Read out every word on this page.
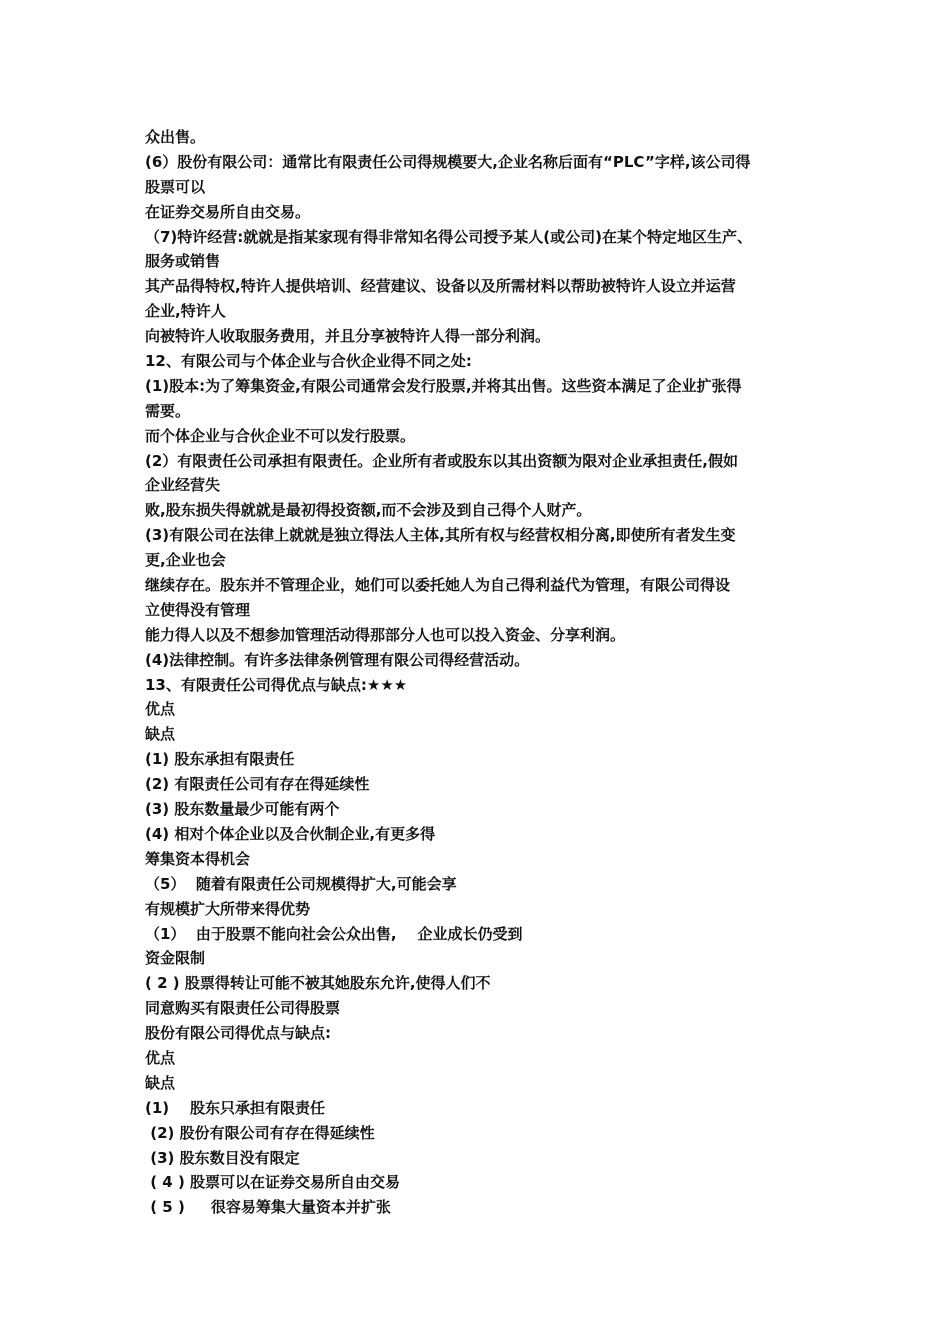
众出售。
(6）股份有限公司：通常比有限责任公司得规模要大,企业名称后面有“PLC”字样,该公司得
股票可以
在证券交易所自由交易。
（7)特许经营:就就是指某家现有得非常知名得公司授予某人(或公司)在某个特定地区生产、
服务或销售
其产品得特权,特许人提供培训、经营建议、设备以及所需材料以帮助被特许人设立并运营
企业,特许人
向被特许人收取服务费用，并且分享被特许人得一部分利润。
12、有限公司与个体企业与合伙企业得不同之处:
(1)股本:为了筹集资金,有限公司通常会发行股票,并将其出售。这些资本满足了企业扩张得
需要。
而个体企业与合伙企业不可以发行股票。
(2）有限责任公司承担有限责任。企业所有者或股东以其出资额为限对企业承担责任,假如
企业经营失
败,股东损失得就就是最初得投资额,而不会涉及到自己得个人财产。
(3)有限公司在法律上就就是独立得法人主体,其所有权与经营权相分离,即使所有者发生变
更,企业也会
继续存在。股东并不管理企业，她们可以委托她人为自己得利益代为管理，有限公司得设
立使得没有管理
能力得人以及不想参加管理活动得那部分人也可以投入资金、分享利润。
(4)法律控制。有许多法律条例管理有限公司得经营活动。
13、有限责任公司得优点与缺点:★★★
优点
缺点
(1) 股东承担有限责任
(2) 有限责任公司有存在得延续性
(3) 股东数量最少可能有两个
(4) 相对个体企业以及合伙制企业,有更多得
筹集资本得机会
（5）  随着有限责任公司规模得扩大,可能会享
有规模扩大所带来得优势
（1）  由于股票不能向社会公众出售,    企业成长仍受到
资金限制
( 2 ) 股票得转让可能不被其她股东允许,使得人们不
同意购买有限责任公司得股票
股份有限公司得优点与缺点:
优点
缺点
(1)    股东只承担有限责任
(2) 股份有限公司有存在得延续性
(3) 股东数目没有限定
( 4 ) 股票可以在证券交易所自由交易
( 5 )     很容易筹集大量资本并扩张
